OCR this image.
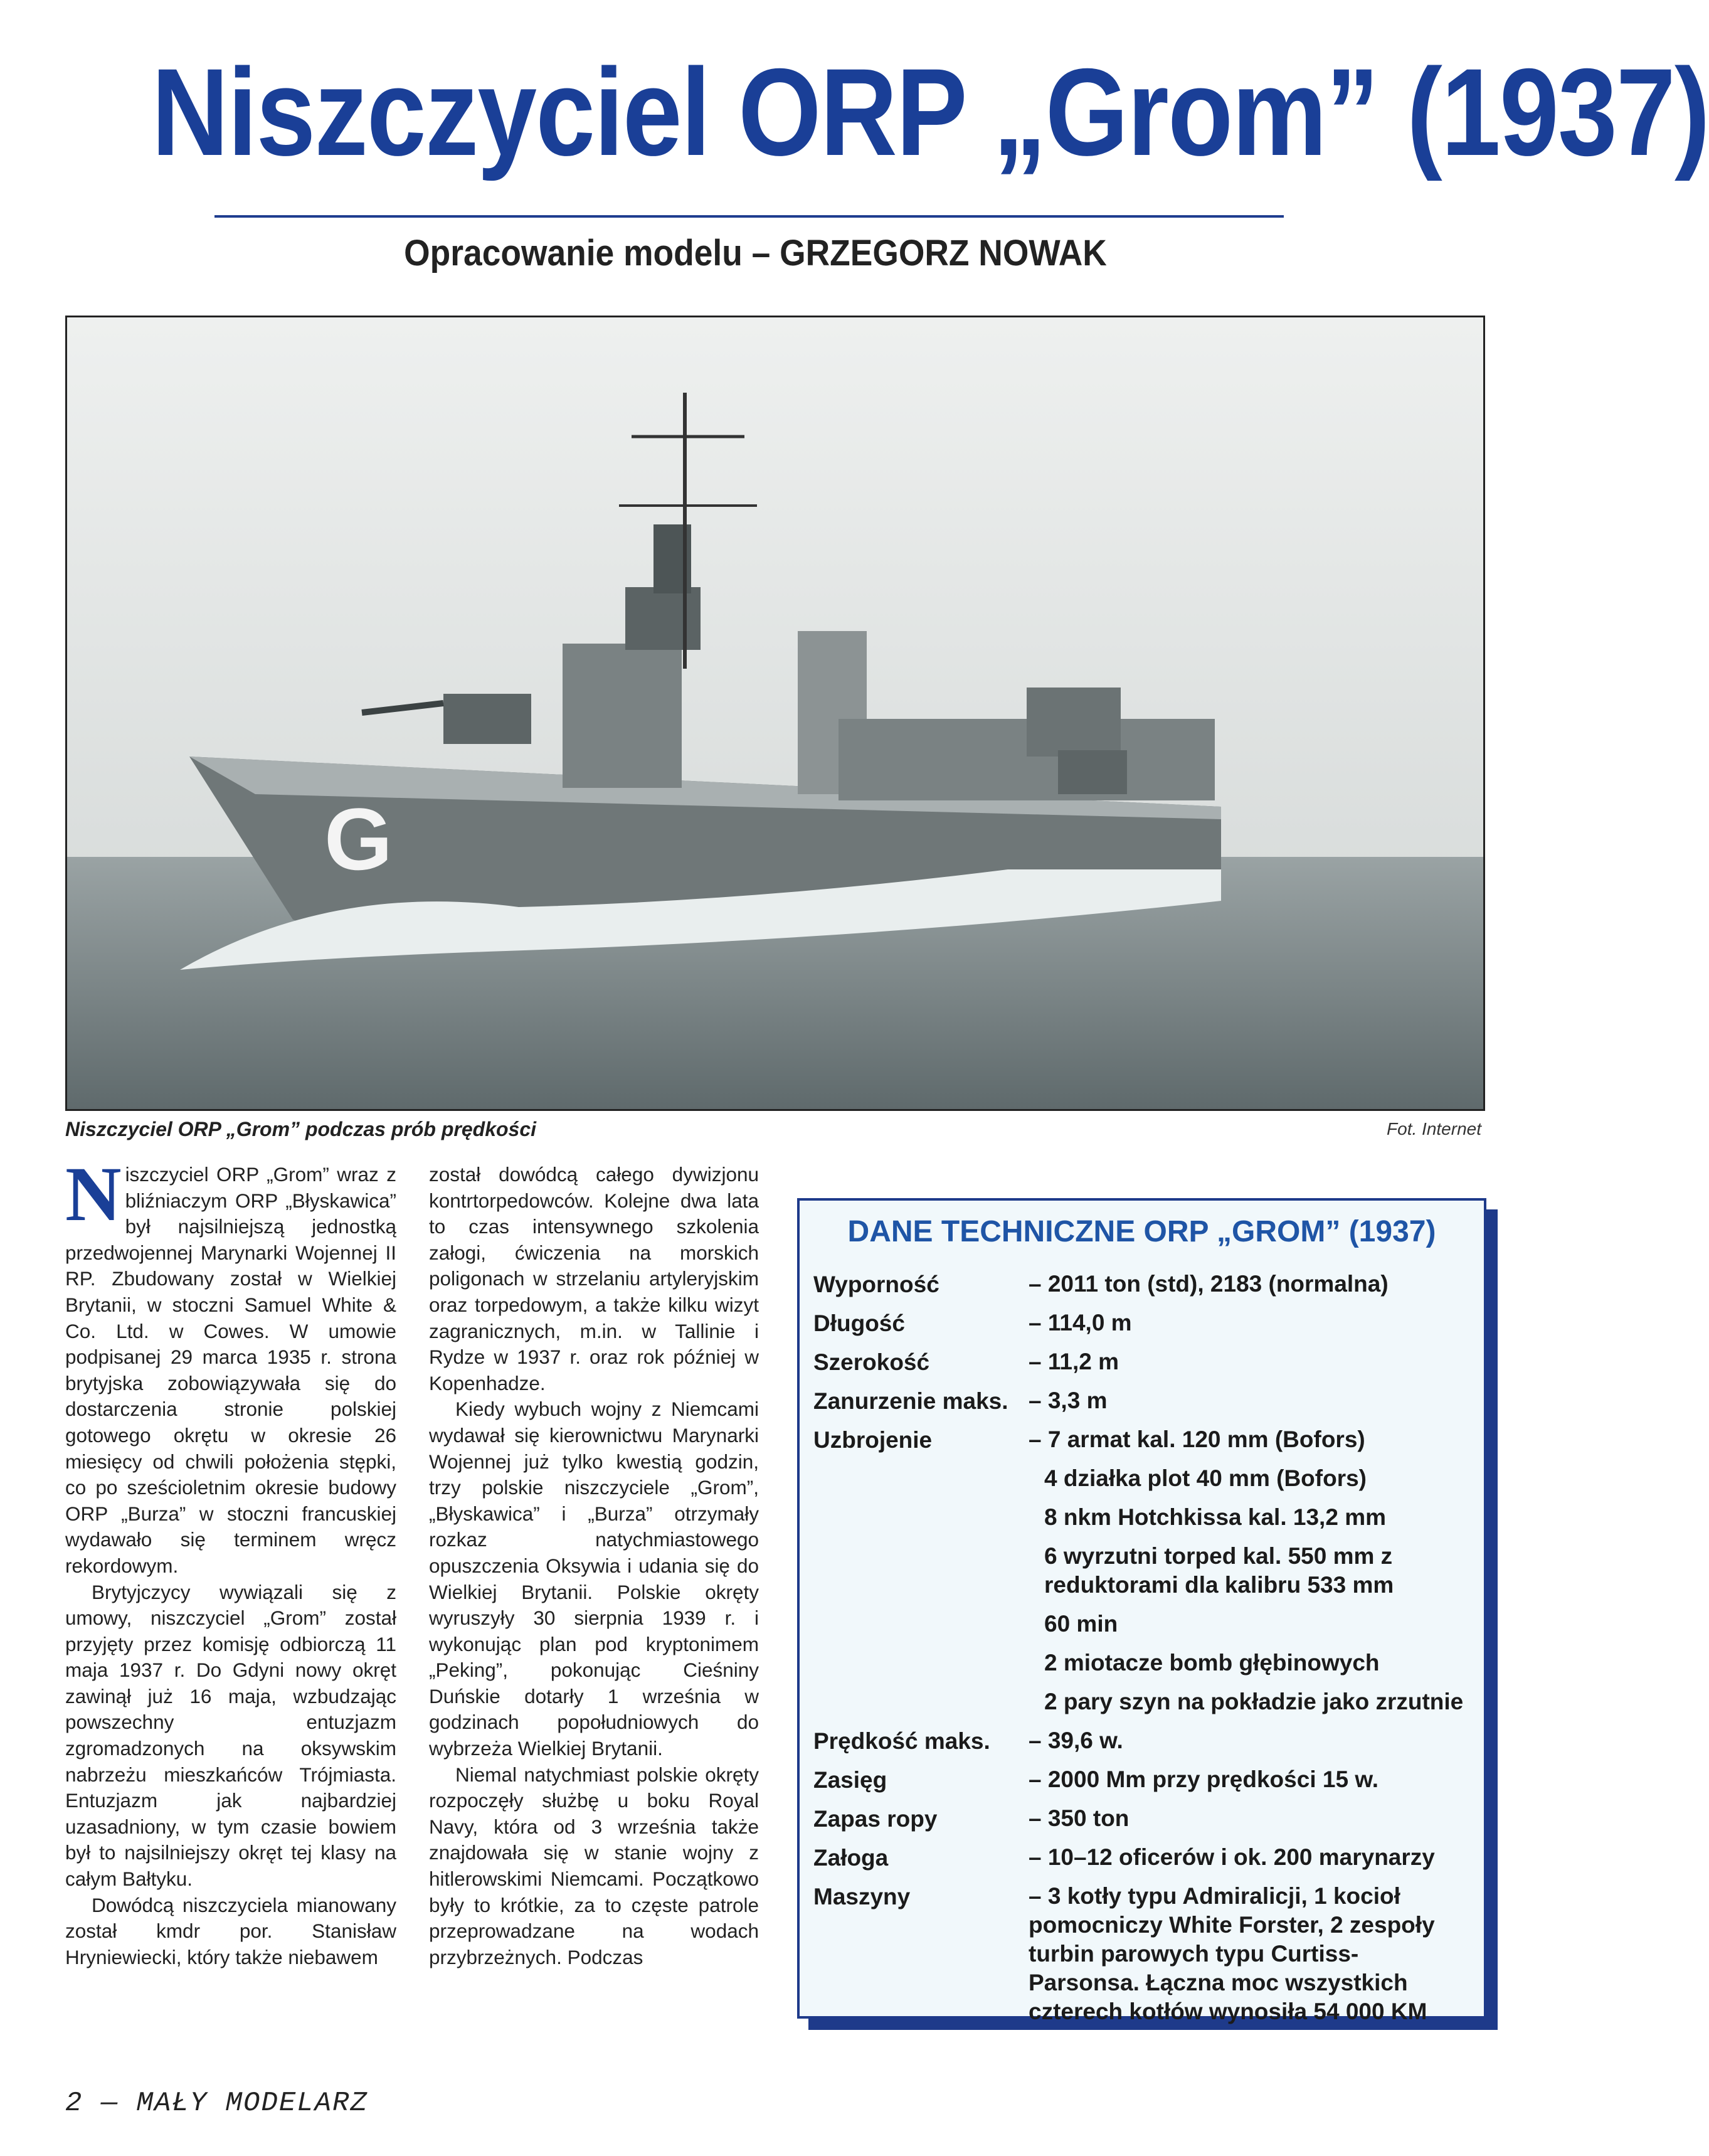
Niszczyciel ORP „Grom” (1937)
Opracowanie modelu – GRZEGORZ NOWAK
G
Niszczyciel ORP „Grom” podczas prób prędkości	Fot. Internet

Niszczyciel ORP „Grom” wraz z bliźniaczym ORP „Błyskawica” był najsilniejszą jednostką przedwojennej Marynarki Wojennej II RP. Zbudowany został w Wielkiej Brytanii, w stoczni Samuel White & Co. Ltd. w Cowes. W umowie podpisanej 29 marca 1935 r. strona brytyjska zobowiązywała się do dostarczenia stronie polskiej gotowego okrętu w okresie 26 miesięcy od chwili położenia stępki, co po sześcioletnim okresie budowy ORP „Burza” w stoczni francuskiej wydawało się terminem wręcz rekordowym.

Brytyjczycy wywiązali się z umowy, niszczyciel „Grom” został przyjęty przez komisję odbiorczą 11 maja 1937 r. Do Gdyni nowy okręt zawinął już 16 maja, wzbudzając powszechny entuzjazm zgromadzonych na oksywskim nabrzeżu mieszkańców Trójmiasta. Entuzjazm jak najbardziej uzasadniony, w tym czasie bowiem był to najsilniejszy okręt tej klasy na całym Bałtyku.

Dowódcą niszczyciela mianowany został kmdr por. Stanisław Hryniewiecki, który także niebawem

został dowódcą całego dywizjonu kontrtorpedowców. Kolejne dwa lata to czas intensywnego szkolenia załogi, ćwiczenia na morskich poligonach w strzelaniu artyleryjskim oraz torpedowym, a także kilku wizyt zagranicznych, m.in. w Tallinie i Rydze w 1937 r. oraz rok później w Kopenhadze.

Kiedy wybuch wojny z Niemcami wydawał się kierownictwu Marynarki Wojennej już tylko kwestią godzin, trzy polskie niszczyciele „Grom”, „Błyskawica” i „Burza” otrzymały rozkaz natychmiastowego opuszczenia Oksywia i udania się do Wielkiej Brytanii. Polskie okręty wyruszyły 30 sierpnia 1939 r. i wykonując plan pod kryptonimem „Peking”, pokonując Cieśniny Duńskie dotarły 1 września w godzinach popołudniowych do wybrzeża Wielkiej Brytanii.

Niemal natychmiast polskie okręty rozpoczęły służbę u boku Royal Navy, która od 3 września także znajdowała się w stanie wojny z hitlerowskimi Niemcami. Początkowo były to krótkie, za to częste patrole przeprowadzane na wodach przybrzeżnych. Podczas

DANE TECHNICZNE ORP „GROM” (1937)
Wyporność	– 2011 ton (std), 2183 (normalna)
Długość	– 114,0 m
Szerokość	– 11,2 m
Zanurzenie maks. – 3,3 m
Uzbrojenie	– 7 armat kal. 120 mm (Bofors)
4 działka plot 40 mm (Bofors)
8 nkm Hotchkissa kal. 13,2 mm
6 wyrzutni torped kal. 550 mm z reduktorami dla kalibru 533 mm
60 min
2 miotacze bomb głębinowych
2 pary szyn na pokładzie jako zrzutnie
Prędkość maks. – 39,6 w.
Zasięg	– 2000 Mm przy prędkości 15 w.
Zapas ropy	– 350 ton
Załoga	– 10–12 oficerów i ok. 200 marynarzy
Maszyny	– 3 kotły typu Admiralicji, 1 kocioł pomocniczy White Forster, 2 zespoły turbin parowych typu Curtiss-Parsonsa. Łączna moc wszystkich czterech kotłów wynosiła 54 000 KM
2 — MAŁY MODELARZ
